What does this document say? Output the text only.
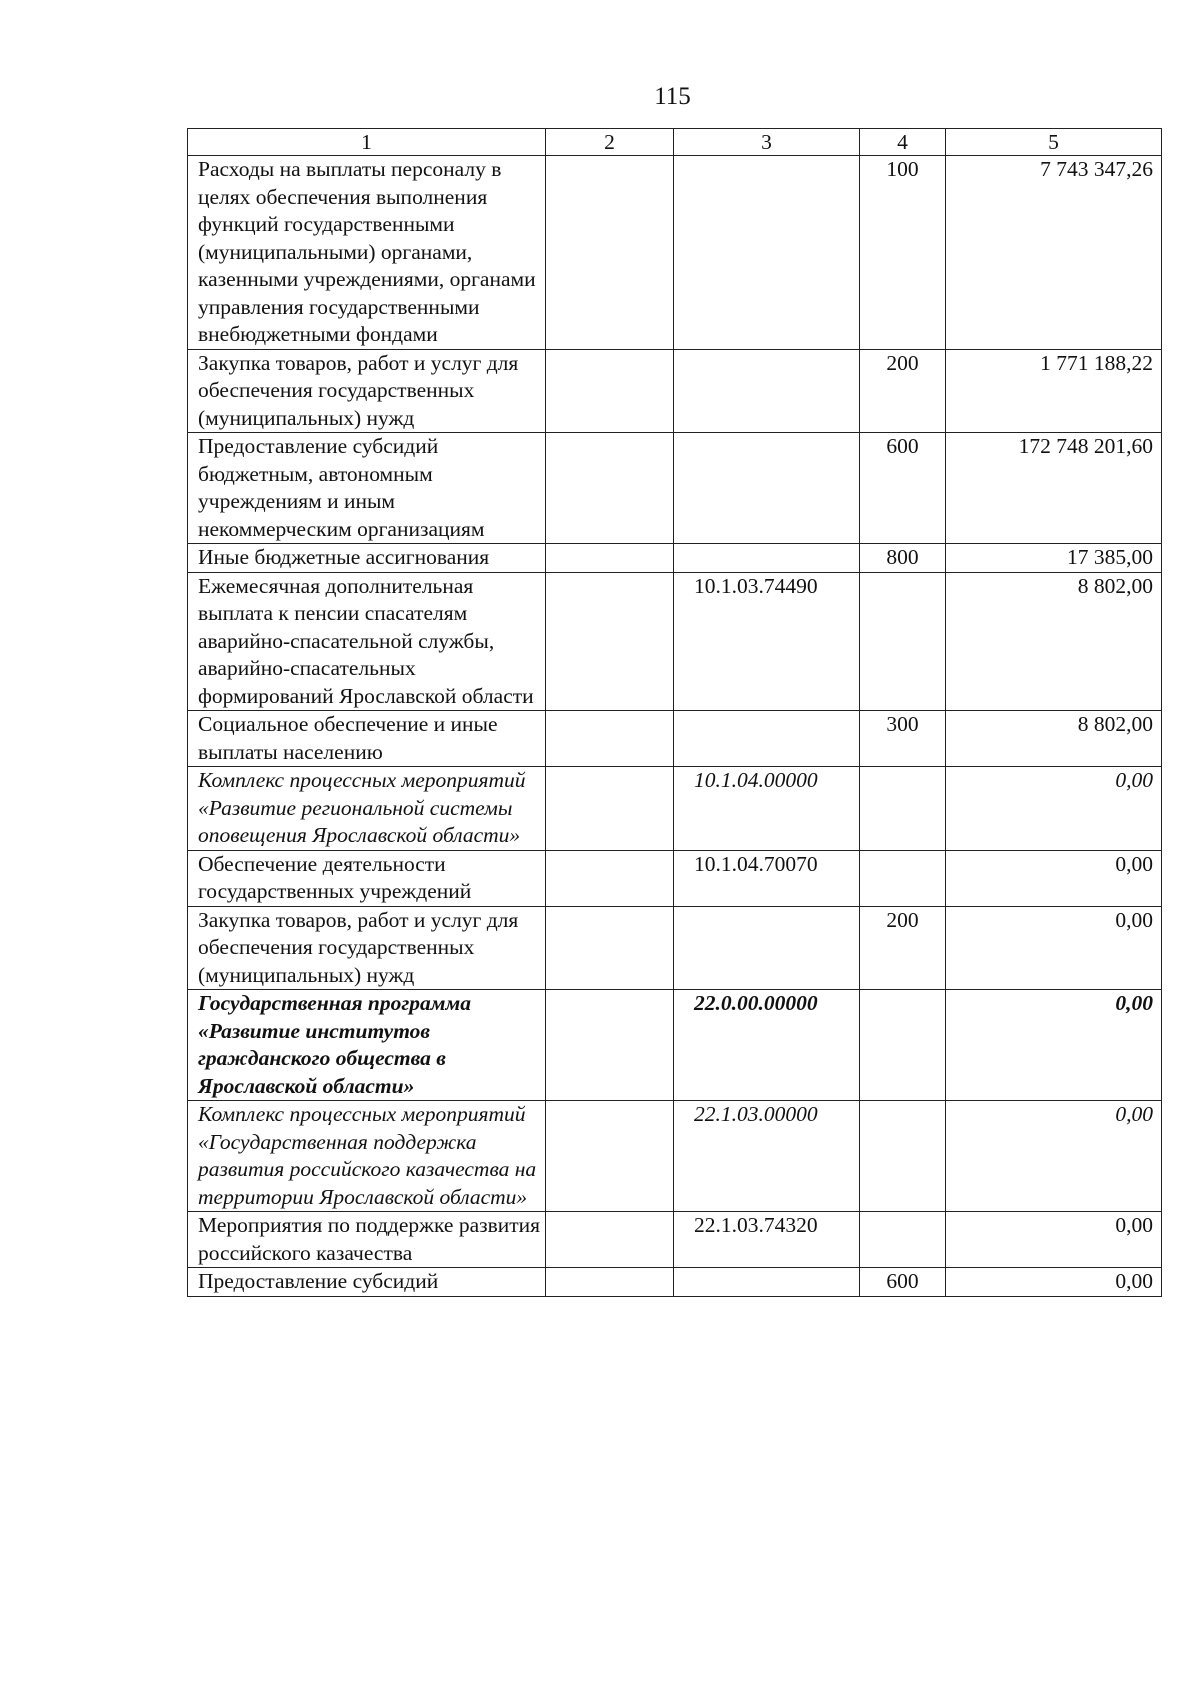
115
1	2	3	4	5
Расходы на выплаты персоналу в целях обеспечения выполнения функций государственными (муниципальными) органами, казенными учреждениями, органами управления государственными внебюджетными фондами			100	7 743 347,26
Закупка товаров, работ и услуг для обеспечения государственных (муниципальных) нужд			200	1 771 188,22
Предоставление субсидий бюджетным, автономным учреждениям и иным некоммерческим организациям			600	172 748 201,60
Иные бюджетные ассигнования			800	17 385,00
Ежемесячная дополнительная выплата к пенсии спасателям аварийно-спасательной службы, аварийно-спасательных формирований Ярославской области		10.1.03.74490		8 802,00
Социальное обеспечение и иные выплаты населению			300	8 802,00
Комплекс процессных мероприятий «Развитие региональной системы оповещения Ярославской области»		10.1.04.00000		0,00
Обеспечение деятельности государственных учреждений		10.1.04.70070		0,00
Закупка товаров, работ и услуг для обеспечения государственных (муниципальных) нужд			200	0,00
Государственная программа «Развитие институтов гражданского общества в Ярославской области»		22.0.00.00000		0,00
Комплекс процессных мероприятий «Государственная поддержка развития российского казачества на территории Ярославской области»		22.1.03.00000		0,00
Мероприятия по поддержке развития российского казачества		22.1.03.74320		0,00
Предоставление субсидий			600	0,00
